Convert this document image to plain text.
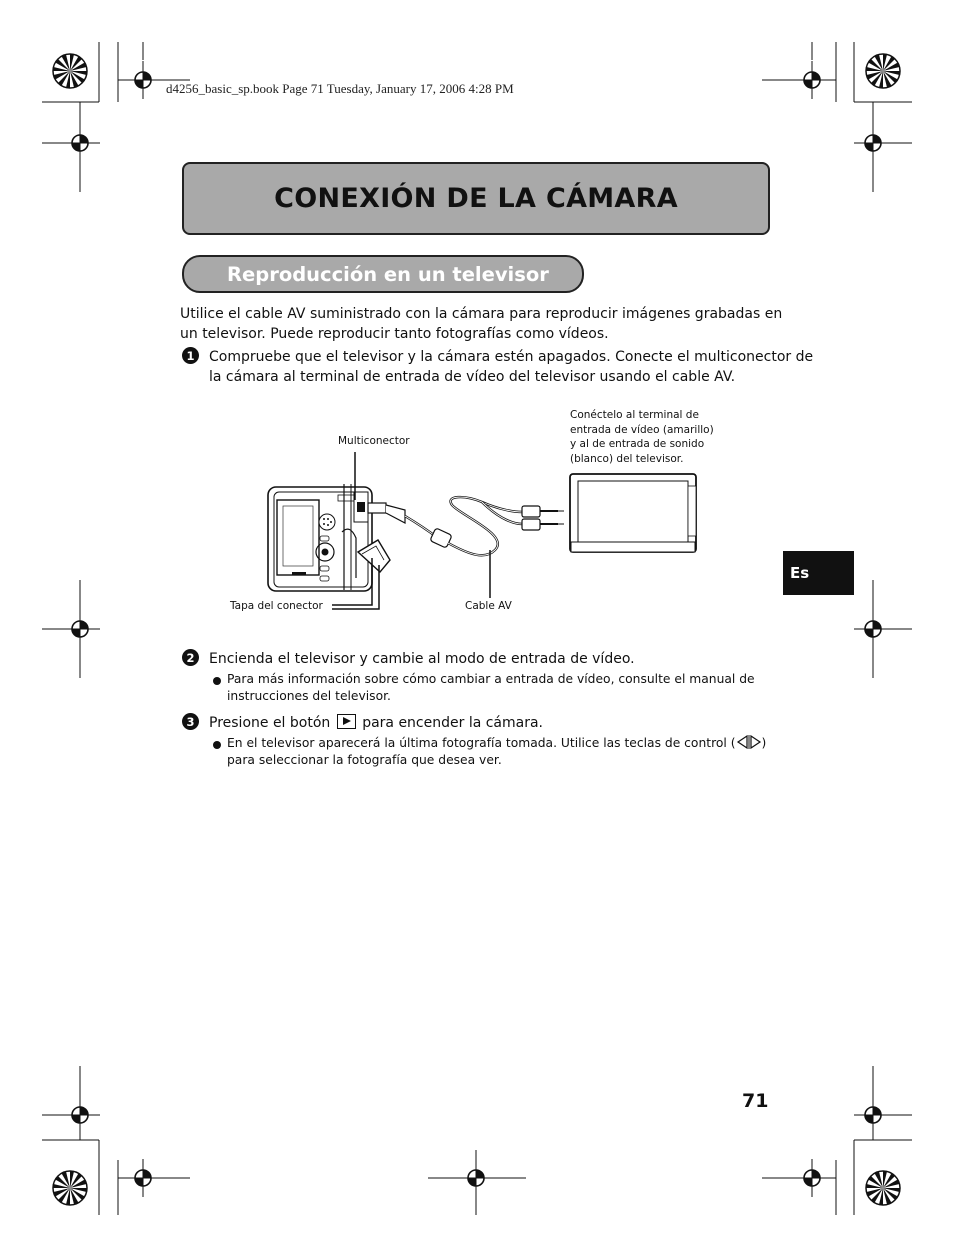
d4256_basic_sp.book Page 71 Tuesday, January 17, 2006 4:28 PM
CONEXIÓN DE LA CÁMARA
Reproducción en un televisor
Utilice el cable AV suministrado con la cámara para reproducir imágenes grabadas en
un televisor. Puede reproducir tanto fotografías como vídeos.
1	Compruebe que el televisor y la cámara estén apagados. Conecte el multiconector de
la cámara al terminal de entrada de vídeo del televisor usando el cable AV.
Multiconector
Conéctelo al terminal de
entrada de vídeo (amarillo)
y al de entrada de sonido
(blanco) del televisor.
Tapa del conector	Cable AV
Es
2	Encienda el televisor y cambie al modo de entrada de vídeo.
Para más información sobre cómo cambiar a entrada de vídeo, consulte el manual de
instrucciones del televisor.
3	Presione el botón para encender la cámara.
En el televisor aparecerá la última fotografía tomada. Utilice las teclas de control ( )
para seleccionar la fotografía que desea ver.
71
